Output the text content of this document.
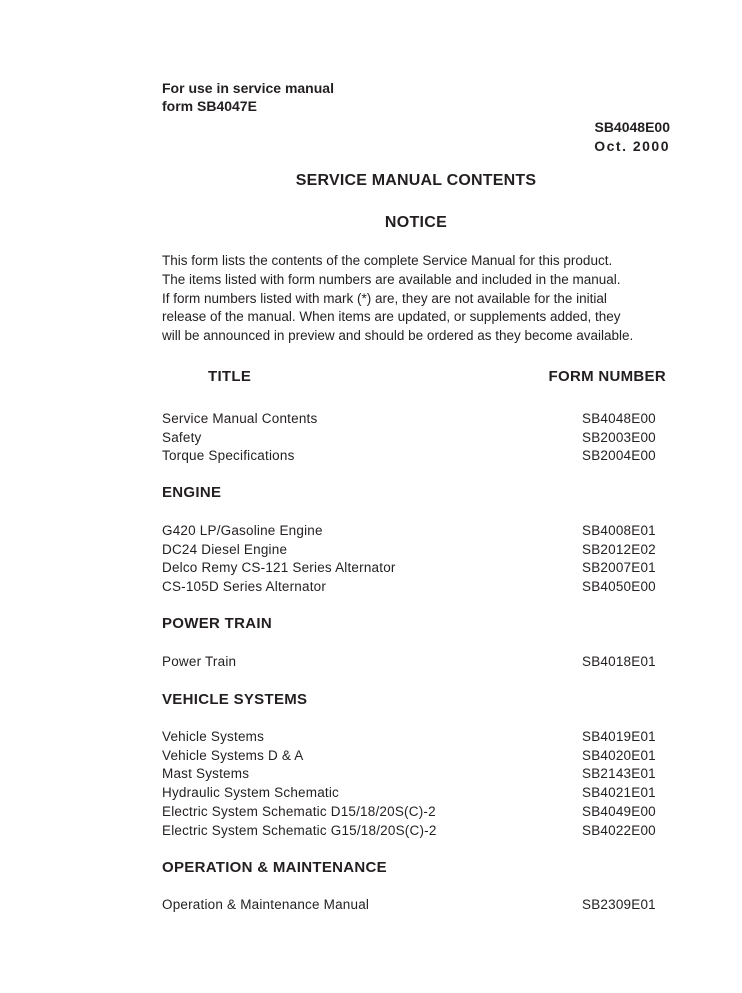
For use in service manual
form SB4047E
SB4048E00
Oct. 2000
SERVICE MANUAL CONTENTS
NOTICE
This form lists the contents of the complete Service Manual for this product.
The items listed with form numbers are available and included in the manual.
If form numbers listed with mark (*) are, they are not available for the initial
release of the manual. When items are updated, or supplements added, they
will be announced in preview and should be ordered as they become available.
TITLE	FORM NUMBER
Service Manual Contents	SB4048E00
Safety	SB2003E00
Torque Specifications	SB2004E00
ENGINE
G420 LP/Gasoline Engine	SB4008E01
DC24 Diesel Engine	SB2012E02
Delco Remy CS-121 Series Alternator	SB2007E01
CS-105D Series Alternator	SB4050E00
POWER TRAIN
Power Train	SB4018E01
VEHICLE SYSTEMS
Vehicle Systems	SB4019E01
Vehicle Systems D & A	SB4020E01
Mast Systems	SB2143E01
Hydraulic System Schematic	SB4021E01
Electric System Schematic D15/18/20S(C)-2	SB4049E00
Electric System Schematic G15/18/20S(C)-2	SB4022E00
OPERATION & MAINTENANCE
Operation & Maintenance Manual	SB2309E01
